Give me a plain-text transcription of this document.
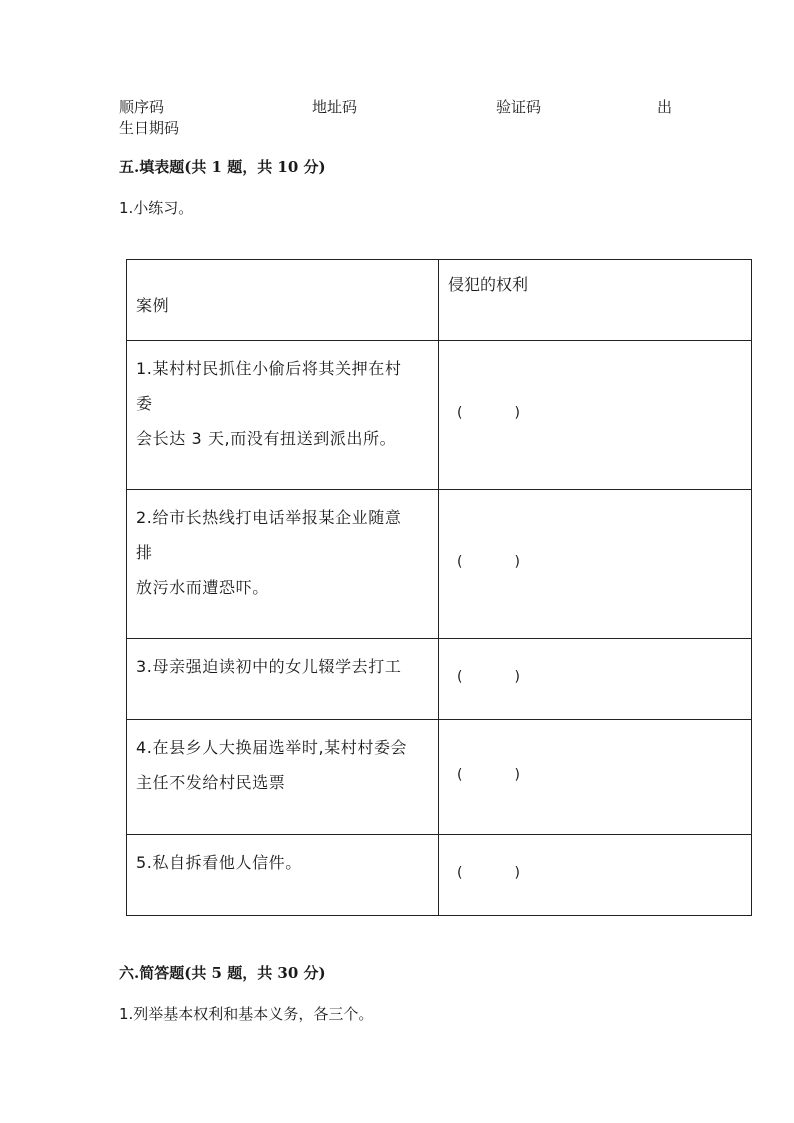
顺序码	地址码	验证码	出
生日期码
五.填表题(共 1 题，共 10 分)
1.小练习。
案例	侵犯的权利

1.某村村民抓住小偷后将其关押在村
委
会长达 3 天,而没有扭送到派出所。	( )

2.给市长热线打电话举报某企业随意
排
放污水而遭恐吓。	( )

3.母亲强迫读初中的女儿辍学去打工	( )

4.在县乡人大换届选举时,某村村委会
主任不发给村民选票	( )

5.私自拆看他人信件。	( )
六.简答题(共 5 题，共 30 分)
1.列举基本权利和基本义务，各三个。
